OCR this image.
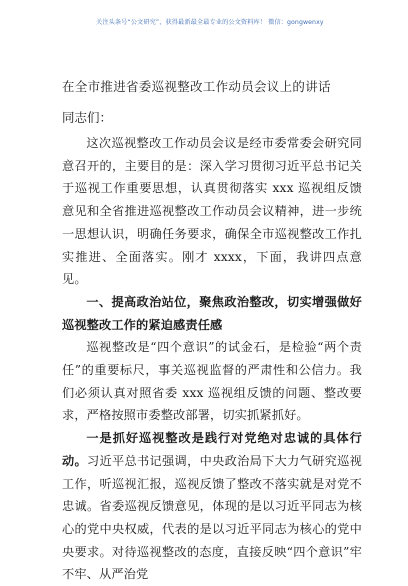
关注头条号“公文研究”，获得最新最全最专业的公文资料库！ 微信：gongwenxy
在全市推进省委巡视整改工作动员会议上的讲话
同志们：

这次巡视整改工作动员会议是经市委常委会研究同意召开的，主要目的是：深入学习贯彻习近平总书记关于巡视工作重要思想，认真贯彻落实 xxx 巡视组反馈意见和全省推进巡视整改工作动员会议精神，进一步统一思想认识，明确任务要求，确保全市巡视整改工作扎实推进、全面落实。刚才 xxxx，下面，我讲四点意见。

一、提高政治站位，聚焦政治整改，切实增强做好巡视整改工作的紧迫感责任感

巡视整改是“四个意识”的试金石，是检验“两个责任”的重要标尺，事关巡视监督的严肃性和公信力。我们必须认真对照省委 xxx 巡视组反馈的问题、整改要求，严格按照市委整改部署，切实抓紧抓好。

一是抓好巡视整改是践行对党绝对忠诚的具体行动。习近平总书记强调，中央政治局下大力气研究巡视工作，听巡视汇报，巡视反馈了整改不落实就是对党不忠诚。省委巡视反馈意见，体现的是以习近平同志为核心的党中央权威，代表的是以习近平同志为核心的党中央要求。对待巡视整改的态度，直接反映“四个意识”牢不牢、从严治党
